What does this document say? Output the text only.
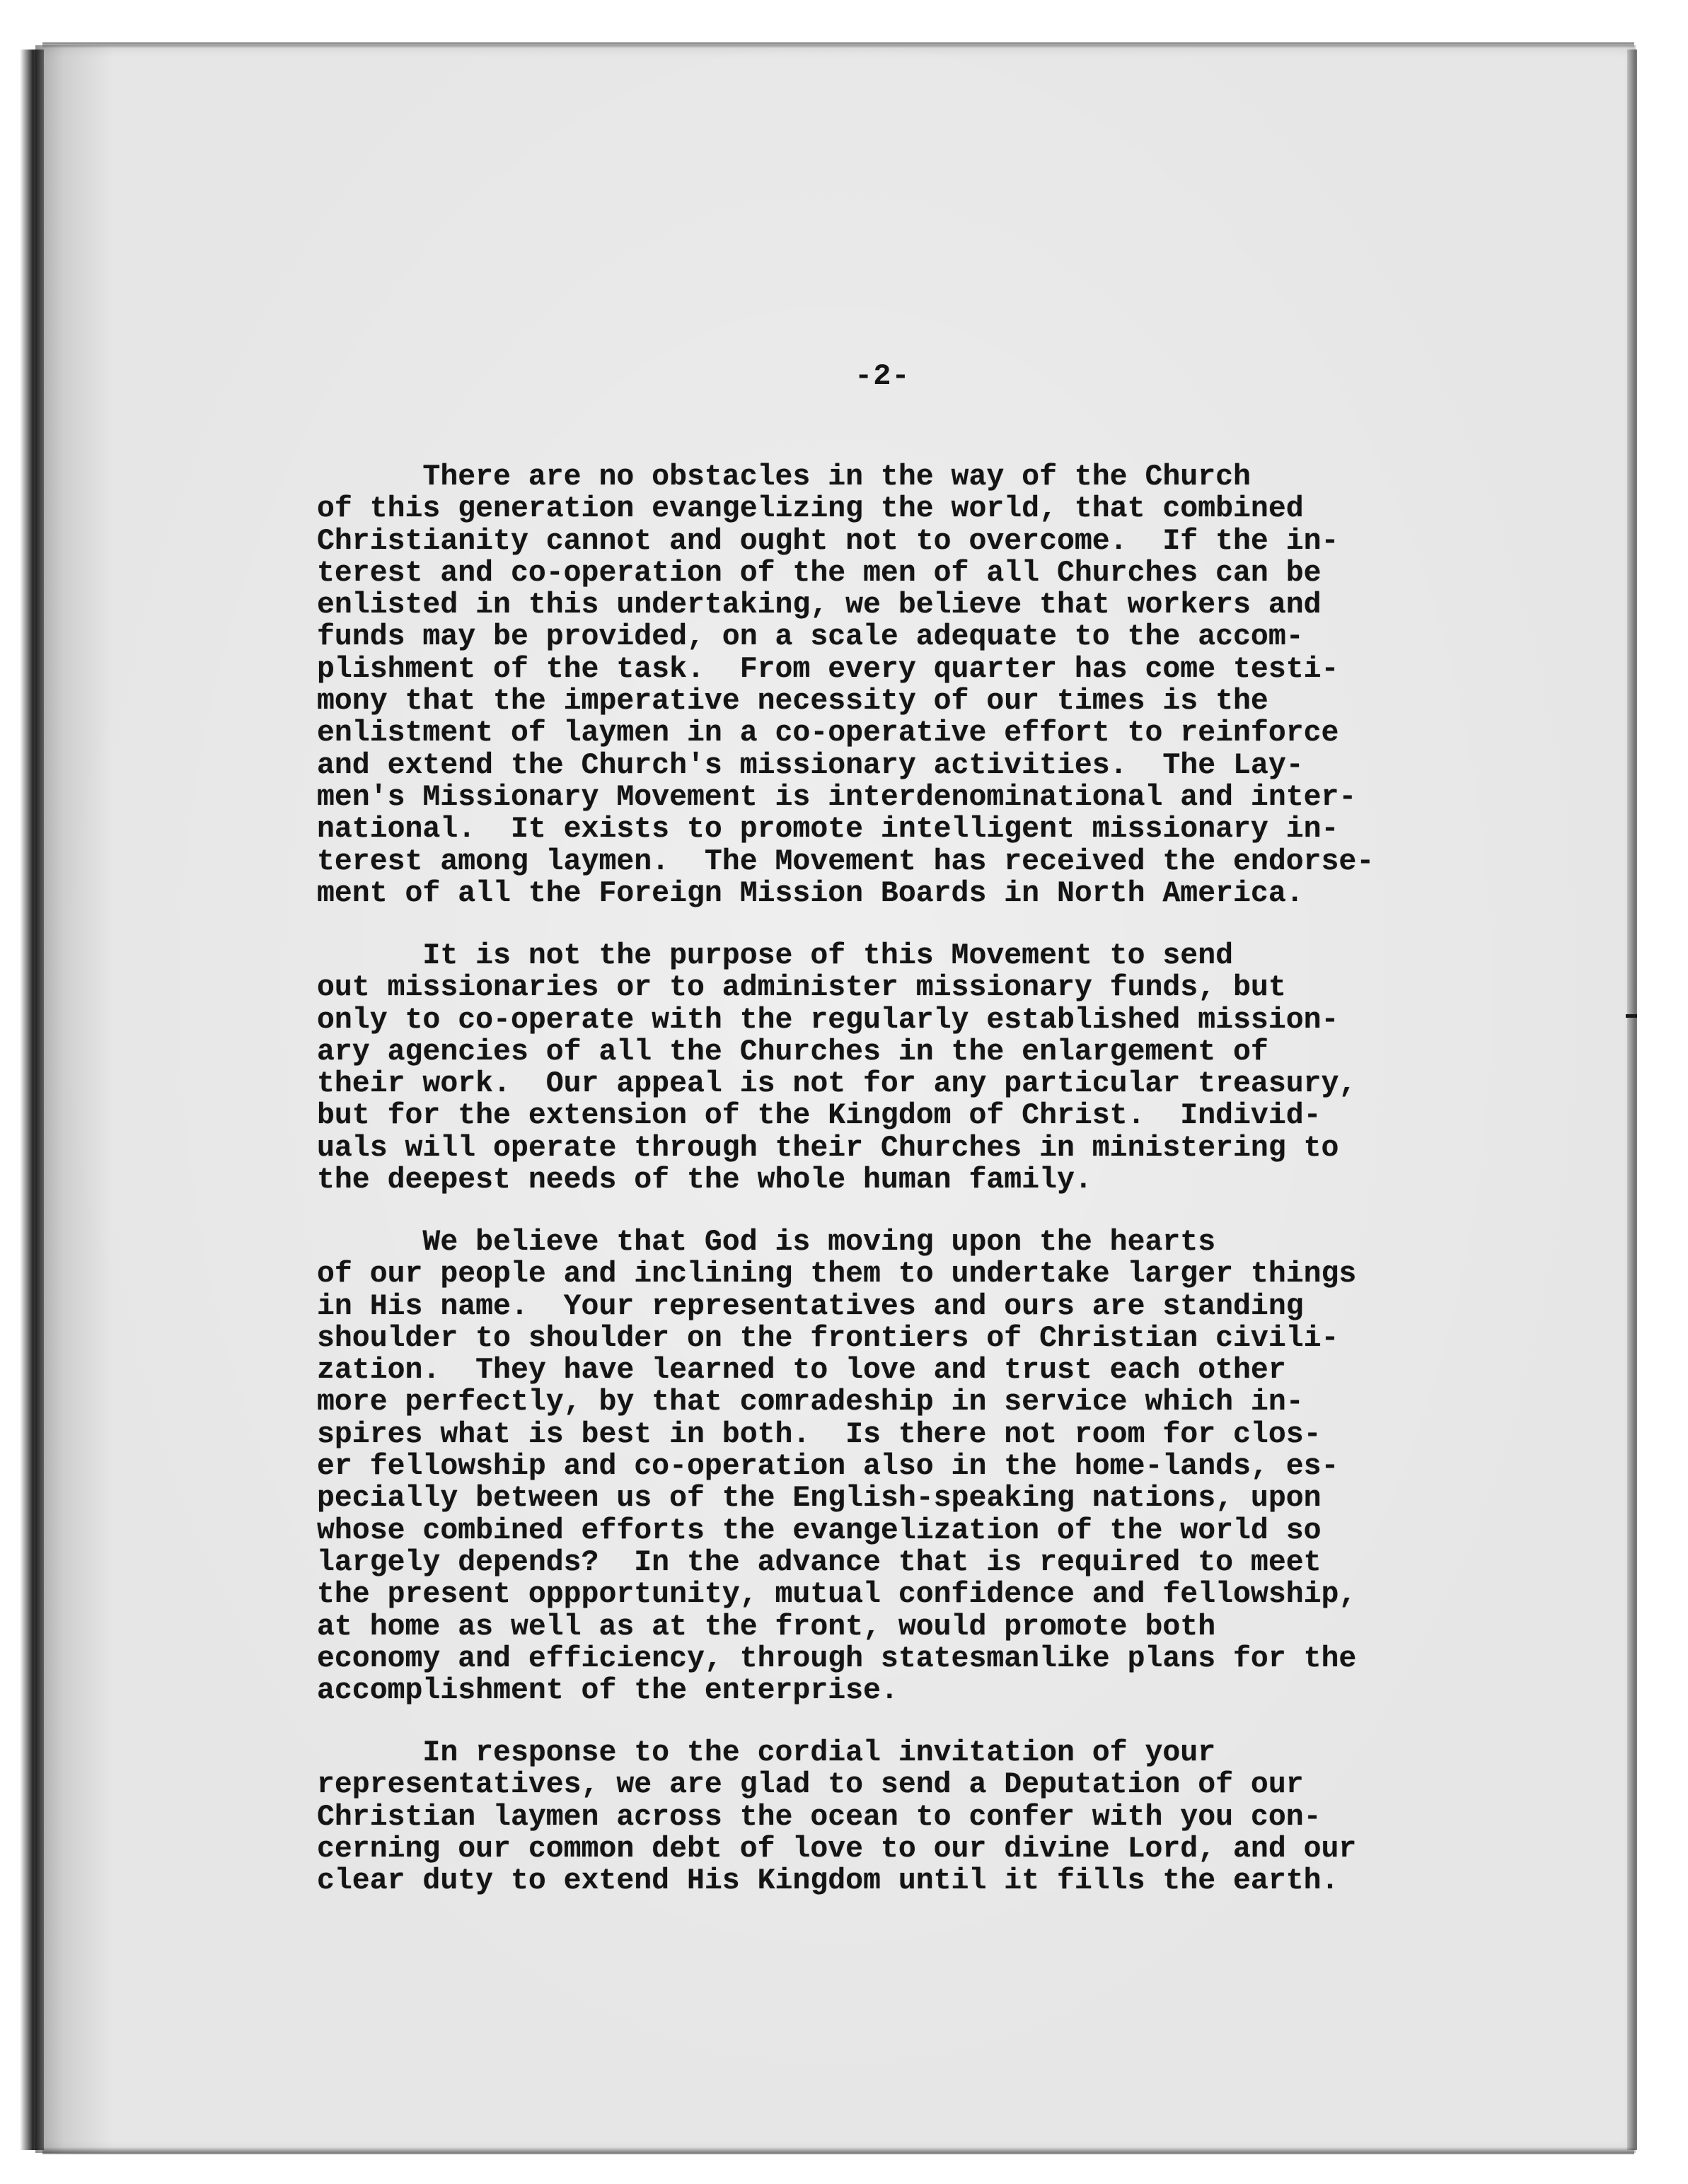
-2-
There are no obstacles in the way of the Church
of this generation evangelizing the world, that combined
Christianity cannot and ought not to overcome.  If the in-
terest and co-operation of the men of all Churches can be
enlisted in this undertaking, we believe that workers and
funds may be provided, on a scale adequate to the accom-
plishment of the task.  From every quarter has come testi-
mony that the imperative necessity of our times is the
enlistment of laymen in a co-operative effort to reinforce
and extend the Church's missionary activities.  The Lay-
men's Missionary Movement is interdenominational and inter-
national.  It exists to promote intelligent missionary in-
terest among laymen.  The Movement has received the endorse-
ment of all the Foreign Mission Boards in North America.
It is not the purpose of this Movement to send
out missionaries or to administer missionary funds, but
only to co-operate with the regularly established mission-
ary agencies of all the Churches in the enlargement of
their work.  Our appeal is not for any particular treasury,
but for the extension of the Kingdom of Christ.  Individ-
uals will operate through their Churches in ministering to
the deepest needs of the whole human family.
We believe that God is moving upon the hearts
of our people and inclining them to undertake larger things
in His name.  Your representatives and ours are standing
shoulder to shoulder on the frontiers of Christian civili-
zation.  They have learned to love and trust each other
more perfectly, by that comradeship in service which in-
spires what is best in both.  Is there not room for clos-
er fellowship and co-operation also in the home-lands, es-
pecially between us of the English-speaking nations, upon
whose combined efforts the evangelization of the world so
largely depends?  In the advance that is required to meet
the present oppportunity, mutual confidence and fellowship,
at home as well as at the front, would promote both
economy and efficiency, through statesmanlike plans for the
accomplishment of the enterprise.
In response to the cordial invitation of your
representatives, we are glad to send a Deputation of our
Christian laymen across the ocean to confer with you con-
cerning our common debt of love to our divine Lord, and our
clear duty to extend His Kingdom until it fills the earth.
